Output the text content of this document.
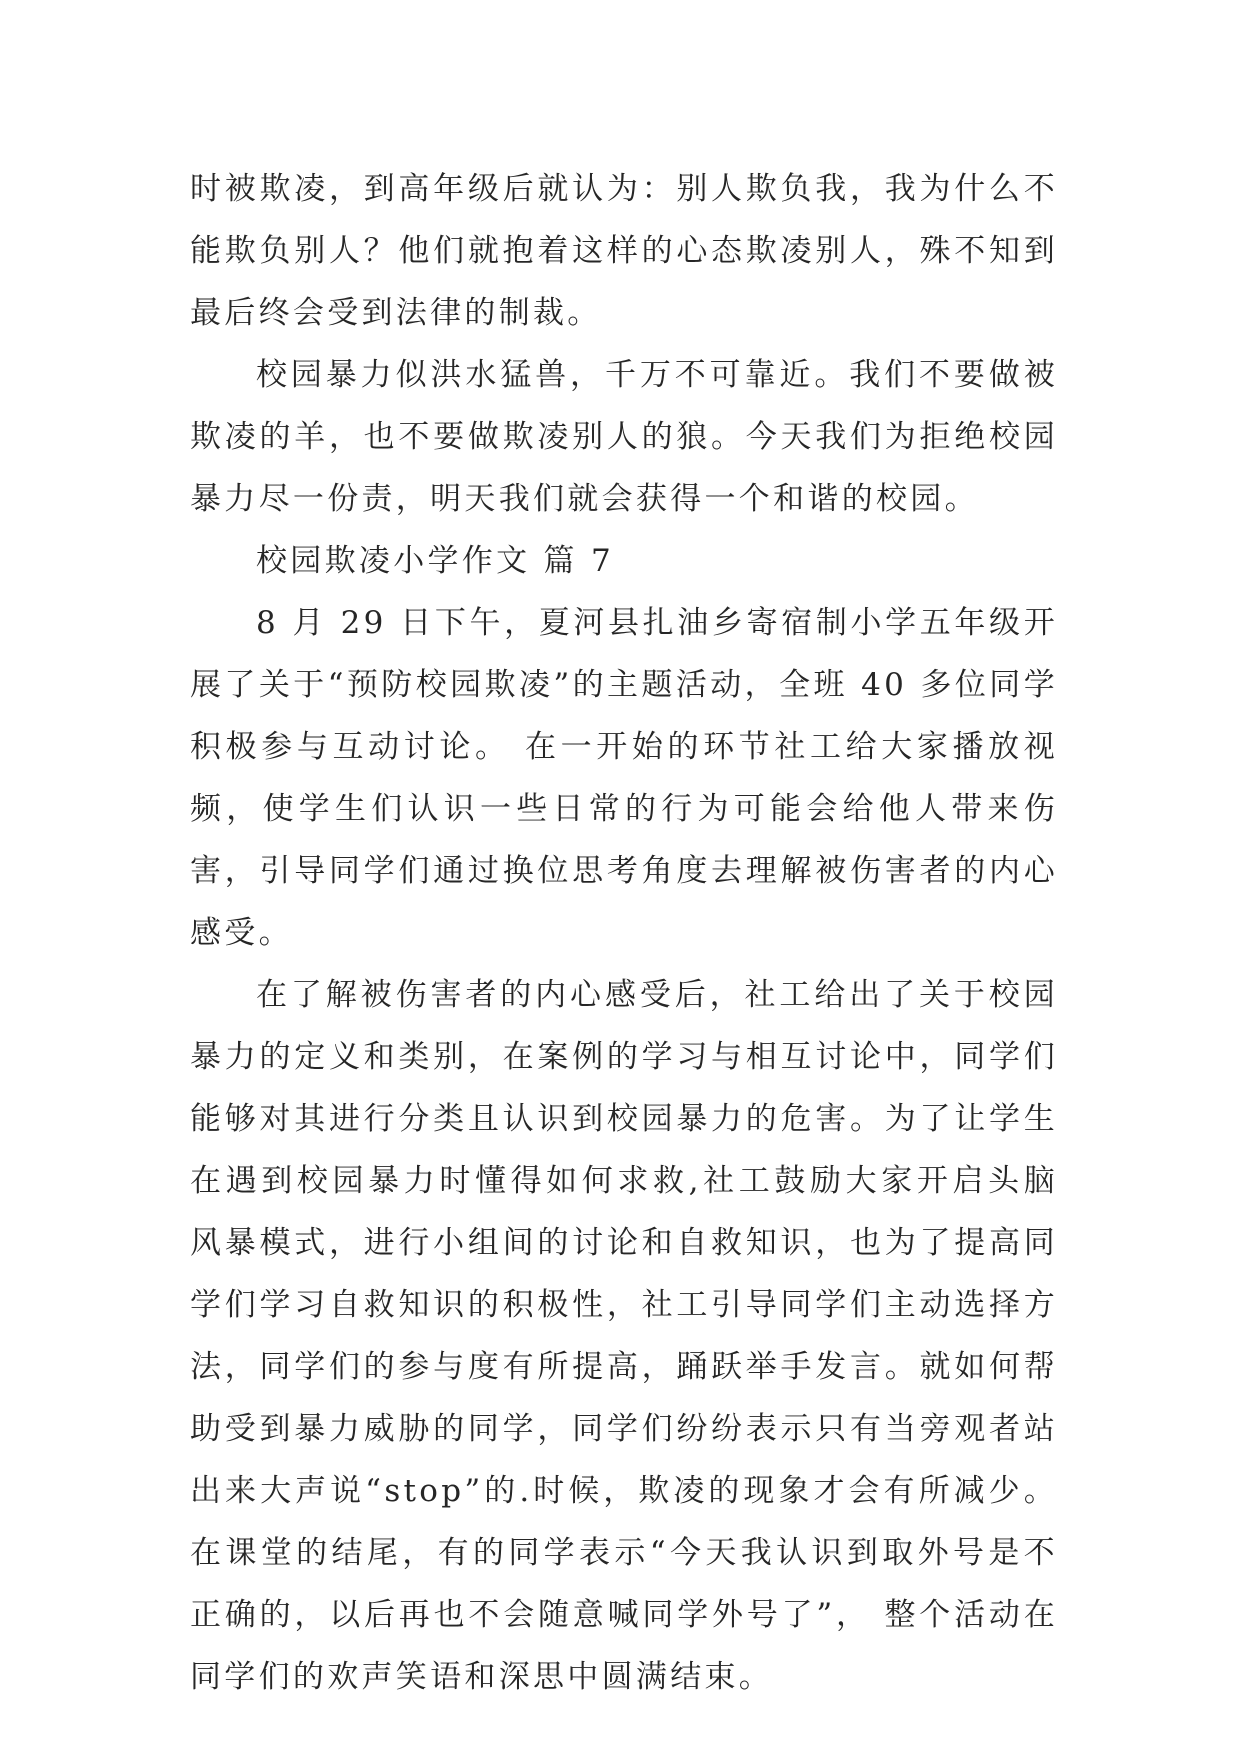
时被欺凌，到高年级后就认为：别人欺负我，我为什么不能欺负别人？他们就抱着这样的心态欺凌别人，殊不知到最后终会受到法律的制裁。

校园暴力似洪水猛兽，千万不可靠近。我们不要做被欺凌的羊，也不要做欺凌别人的狼。今天我们为拒绝校园暴力尽一份责，明天我们就会获得一个和谐的校园。

校园欺凌小学作文 篇 7

8 月 29 日下午，夏河县扎油乡寄宿制小学五年级开展了关于“预防校园欺凌”的主题活动，全班 40 多位同学积极参与互动讨论。 在一开始的环节社工给大家播放视频，使学生们认识一些日常的行为可能会给他人带来伤害，引导同学们通过换位思考角度去理解被伤害者的内心感受。

在了解被伤害者的内心感受后，社工给出了关于校园暴力的定义和类别，在案例的学习与相互讨论中，同学们能够对其进行分类且认识到校园暴力的危害。为了让学生在遇到校园暴力时懂得如何求救,社工鼓励大家开启头脑风暴模式，进行小组间的讨论和自救知识，也为了提高同学们学习自救知识的积极性，社工引导同学们主动选择方法，同学们的参与度有所提高，踊跃举手发言。就如何帮助受到暴力威胁的同学，同学们纷纷表示只有当旁观者站出来大声说“stop”的.时候，欺凌的现象才会有所减少。在课堂的结尾，有的同学表示“今天我认识到取外号是不正确的，以后再也不会随意喊同学外号了”， 整个活动在同学们的欢声笑语和深思中圆满结束。
